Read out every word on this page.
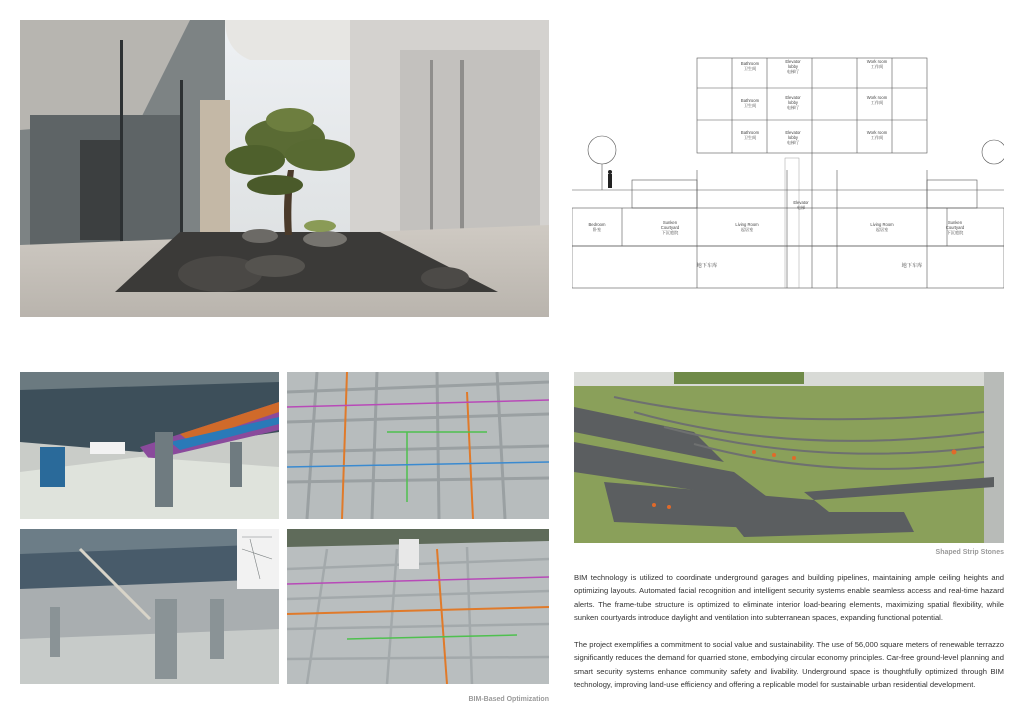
Bathroom
卫生间
Elevator
lobby
电梯厅
Work room
工作间
Bathroom
卫生间
Elevator
lobby
电梯厅
Work room
工作间
Bathroom
卫生间
Elevator
lobby
电梯厅
Work room
工作间
Bedroom
卧室
Sunken
Courtyard
下沉庭院
Living Room
起居室
Elevator
电梯
Living Room
起居室
Sunken
Courtyard
下沉庭院
地下车库	地下车库
BIM-Based Optimization
Shaped Strip Stones

BIM technology is utilized to coordinate underground garages and building pipelines, maintaining ample ceiling heights and optimizing layouts. Automated facial recognition and intelligent security systems enable seamless access and real-time hazard alerts. The frame-tube structure is optimized to eliminate interior load-bearing elements, maximizing spatial flexibility, while sunken courtyards introduce daylight and ventilation into subterranean spaces, expanding functional potential.

The project exemplifies a commitment to social value and sustainability. The use of 56,000 square meters of renewable terrazzo significantly reduces the demand for quarried stone, embodying circular economy principles. Car-free ground-level planning and smart security systems enhance community safety and livability. Underground space is thoughtfully optimized through BIM technology, improving land-use efficiency and offering a replicable model for sustainable urban residential development.
